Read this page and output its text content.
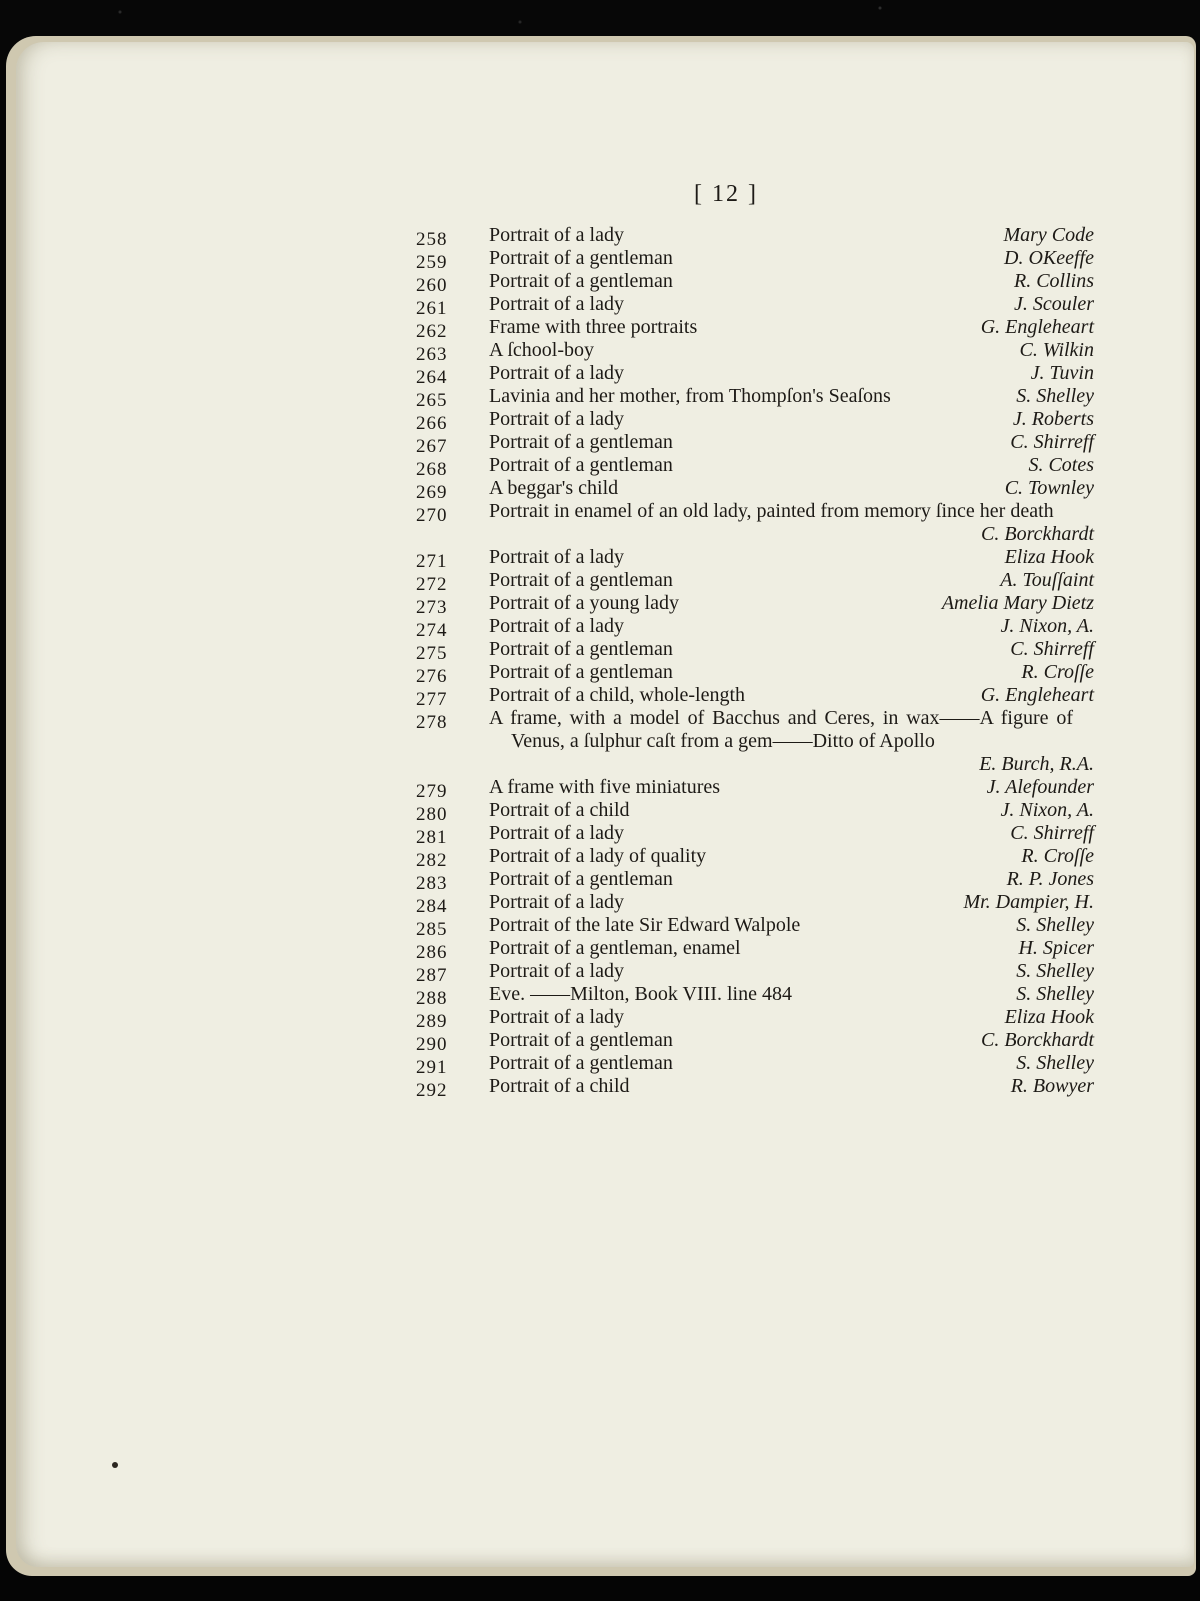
[ 12 ]
258	Portrait of a lady	Mary Code
259	Portrait of a gentleman	D. OKeeffe
260	Portrait of a gentleman	R. Collins
261	Portrait of a lady	J. Scouler
262	Frame with three portraits	G. Engleheart
263	A ſchool-boy	C. Wilkin
264	Portrait of a lady	J. Tuvin
265	Lavinia and her mother, from Thompſon's Seaſons	S. Shelley
266	Portrait of a lady	J. Roberts
267	Portrait of a gentleman	C. Shirreff
268	Portrait of a gentleman	S. Cotes
269	A beggar's child	C. Townley
270	Portrait in enamel of an old lady, painted from memory ſince her death
C. Borckhardt
271	Portrait of a lady	Eliza Hook
272	Portrait of a gentleman	A. Touſſaint
273	Portrait of a young lady	Amelia Mary Dietz
274	Portrait of a lady	J. Nixon, A.
275	Portrait of a gentleman	C. Shirreff
276	Portrait of a gentleman	R. Croſſe
277	Portrait of a child, whole-length	G. Engleheart
278	A frame, with a model of Bacchus and Ceres, in wax——A figure of Venus, a ſulphur caſt from a gem——Ditto of Apollo
E. Burch, R.A.
279	A frame with five miniatures	J. Alefounder
280	Portrait of a child	J. Nixon, A.
281	Portrait of a lady	C. Shirreff
282	Portrait of a lady of quality	R. Croſſe
283	Portrait of a gentleman	R. P. Jones
284	Portrait of a lady	Mr. Dampier, H.
285	Portrait of the late Sir Edward Walpole	S. Shelley
286	Portrait of a gentleman, enamel	H. Spicer
287	Portrait of a lady	S. Shelley
288	Eve. ——Milton, Book VIII. line 484	S. Shelley
289	Portrait of a lady	Eliza Hook
290	Portrait of a gentleman	C. Borckhardt
291	Portrait of a gentleman	S. Shelley
292	Portrait of a child	R. Bowyer
